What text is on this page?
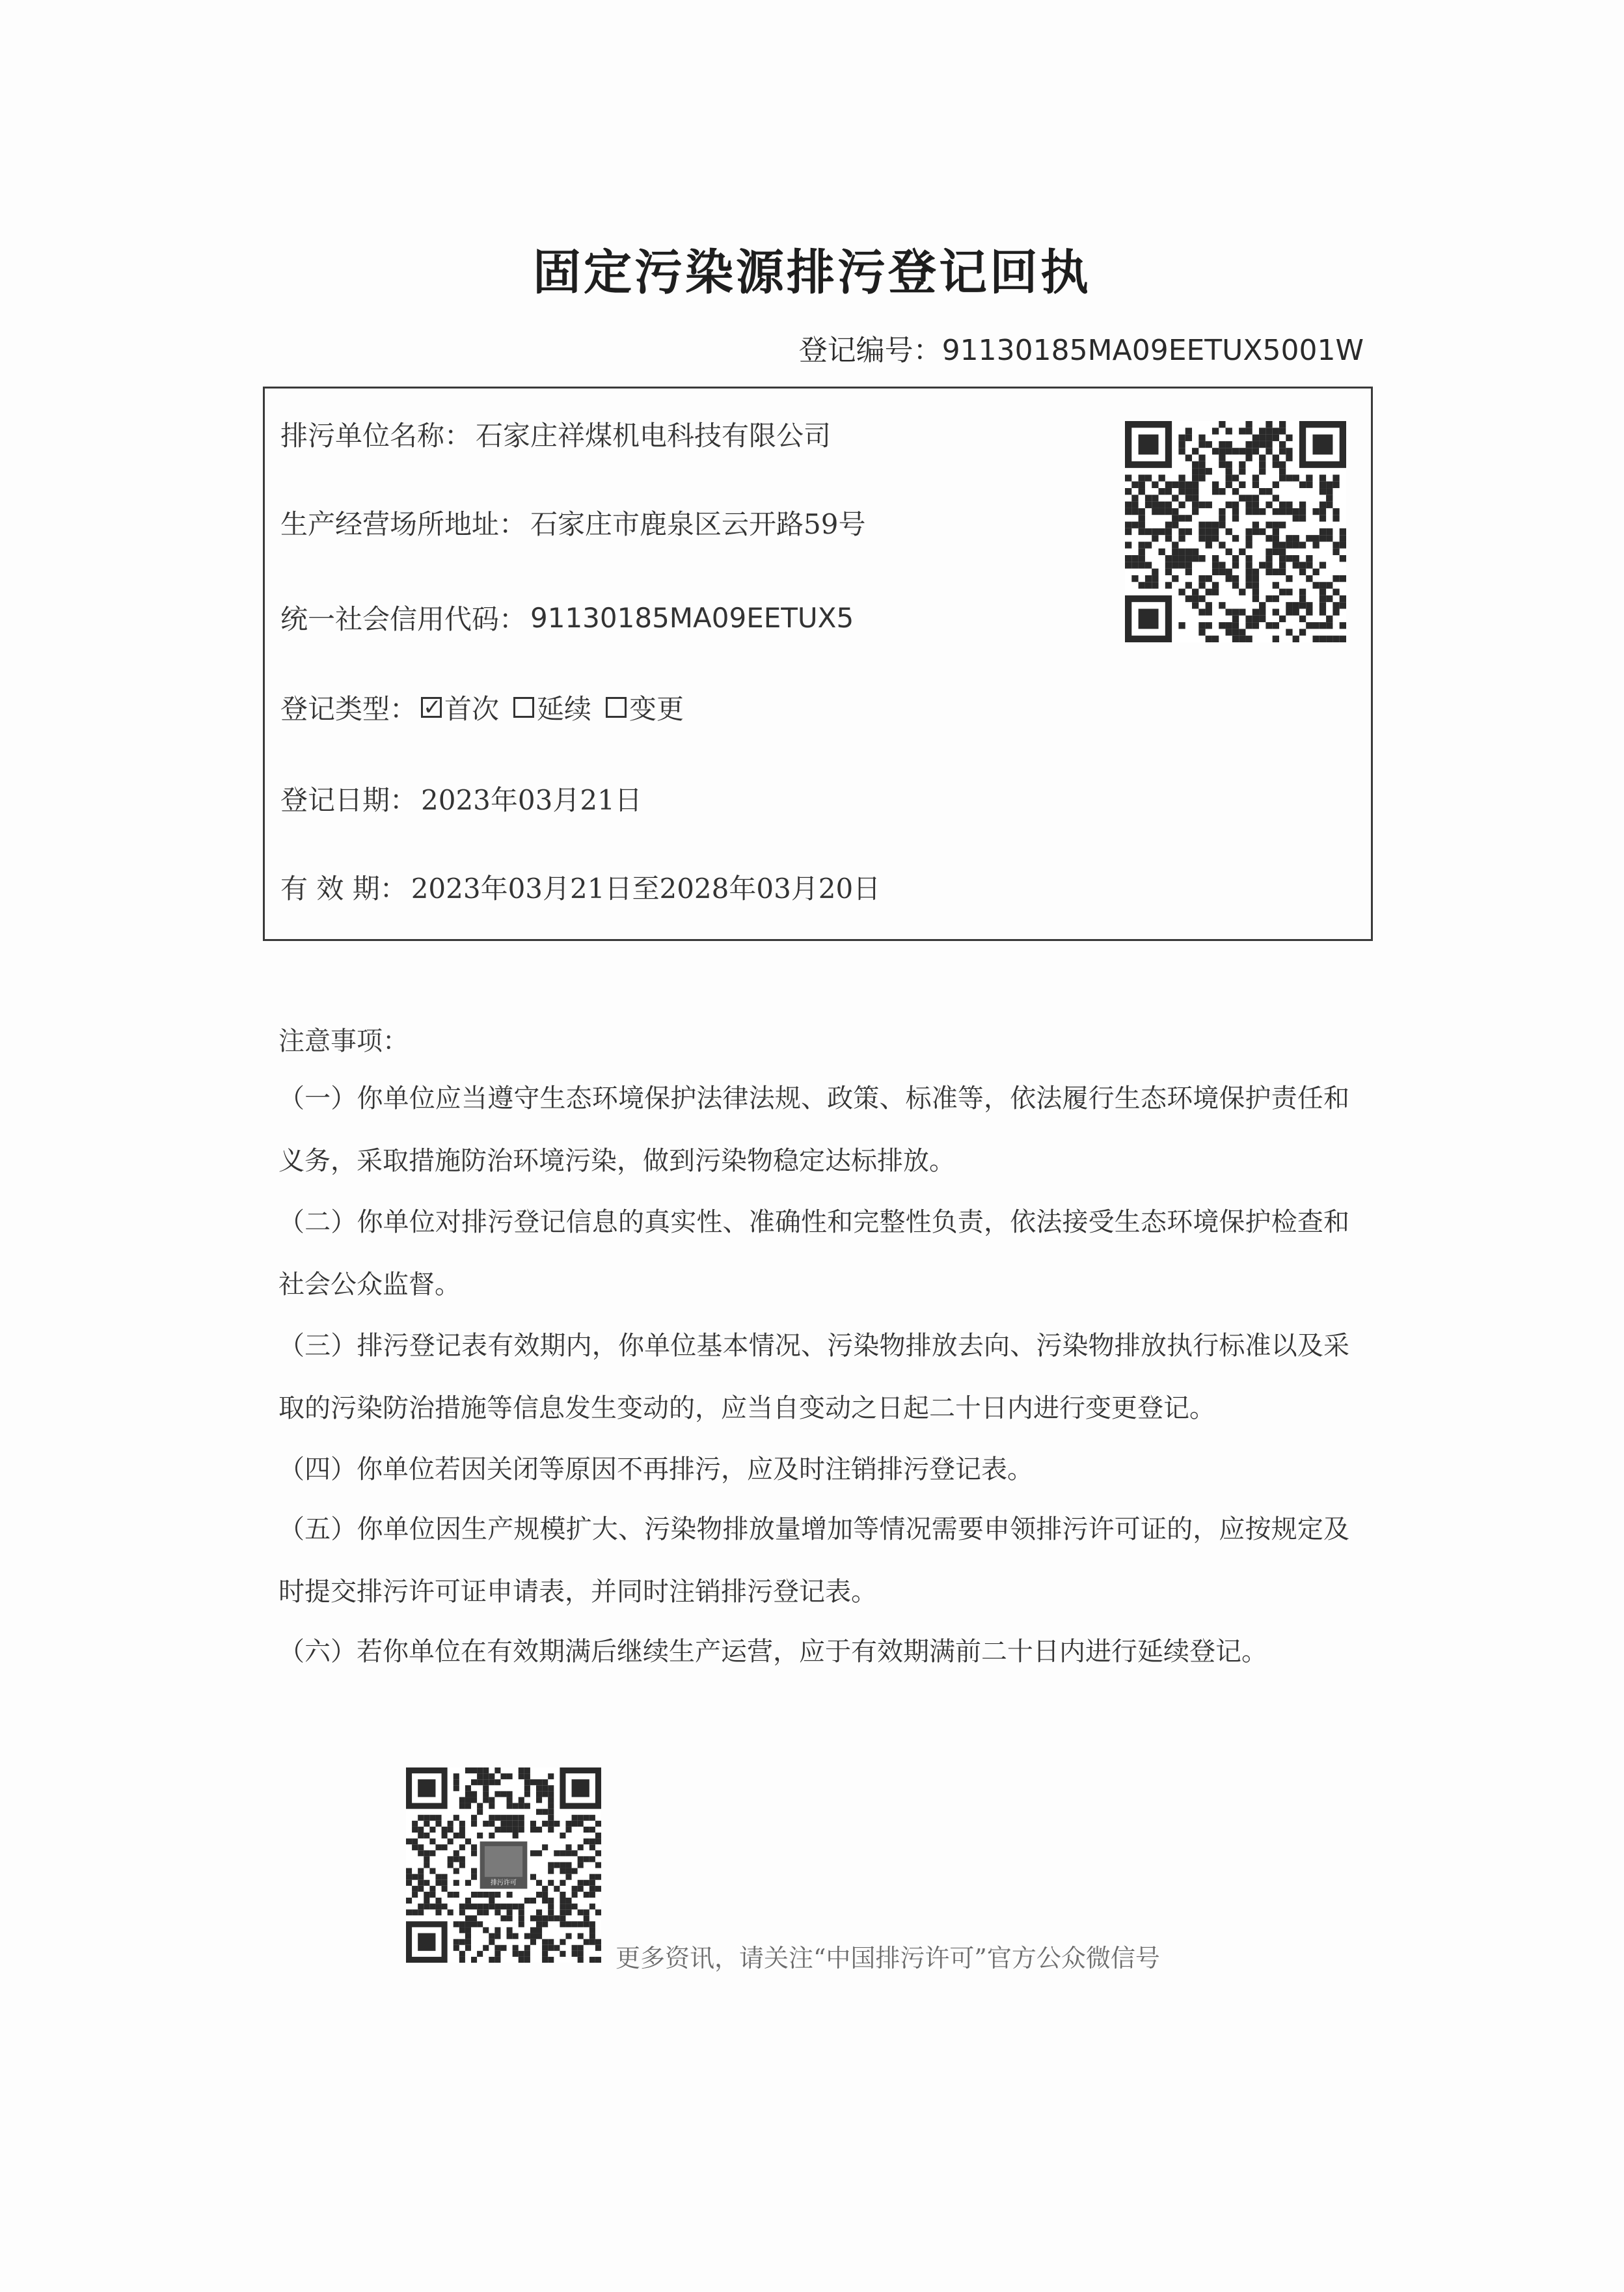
固定污染源排污登记回执
登记编号：91130185MA09EETUX5001W
排污单位名称： 石家庄祥煤机电科技有限公司
生产经营场所地址： 石家庄市鹿泉区云开路59号
统一社会信用代码： 91130185MA09EETUX5
登记类型： ✓ 首次 延续 变更
登记日期： 2023年03月21日
有 效 期： 2023年03月21日至2028年03月20日
注意事项：
（一）你单位应当遵守生态环境保护法律法规、政策、标准等，依法履行生态环境保护责任和义务，采取措施防治环境污染，做到污染物稳定达标排放。
（二）你单位对排污登记信息的真实性、准确性和完整性负责，依法接受生态环境保护检查和社会公众监督。
（三）排污登记表有效期内，你单位基本情况、污染物排放去向、污染物排放执行标准以及采取的污染防治措施等信息发生变动的，应当自变动之日起二十日内进行变更登记。
（四）你单位若因关闭等原因不再排污，应及时注销排污登记表。
（五）你单位因生产规模扩大、污染物排放量增加等情况需要申领排污许可证的，应按规定及时提交排污许可证申请表，并同时注销排污登记表。
（六）若你单位在有效期满后继续生产运营，应于有效期满前二十日内进行延续登记。
排污许可
更多资讯，请关注“中国排污许可”官方公众微信号
